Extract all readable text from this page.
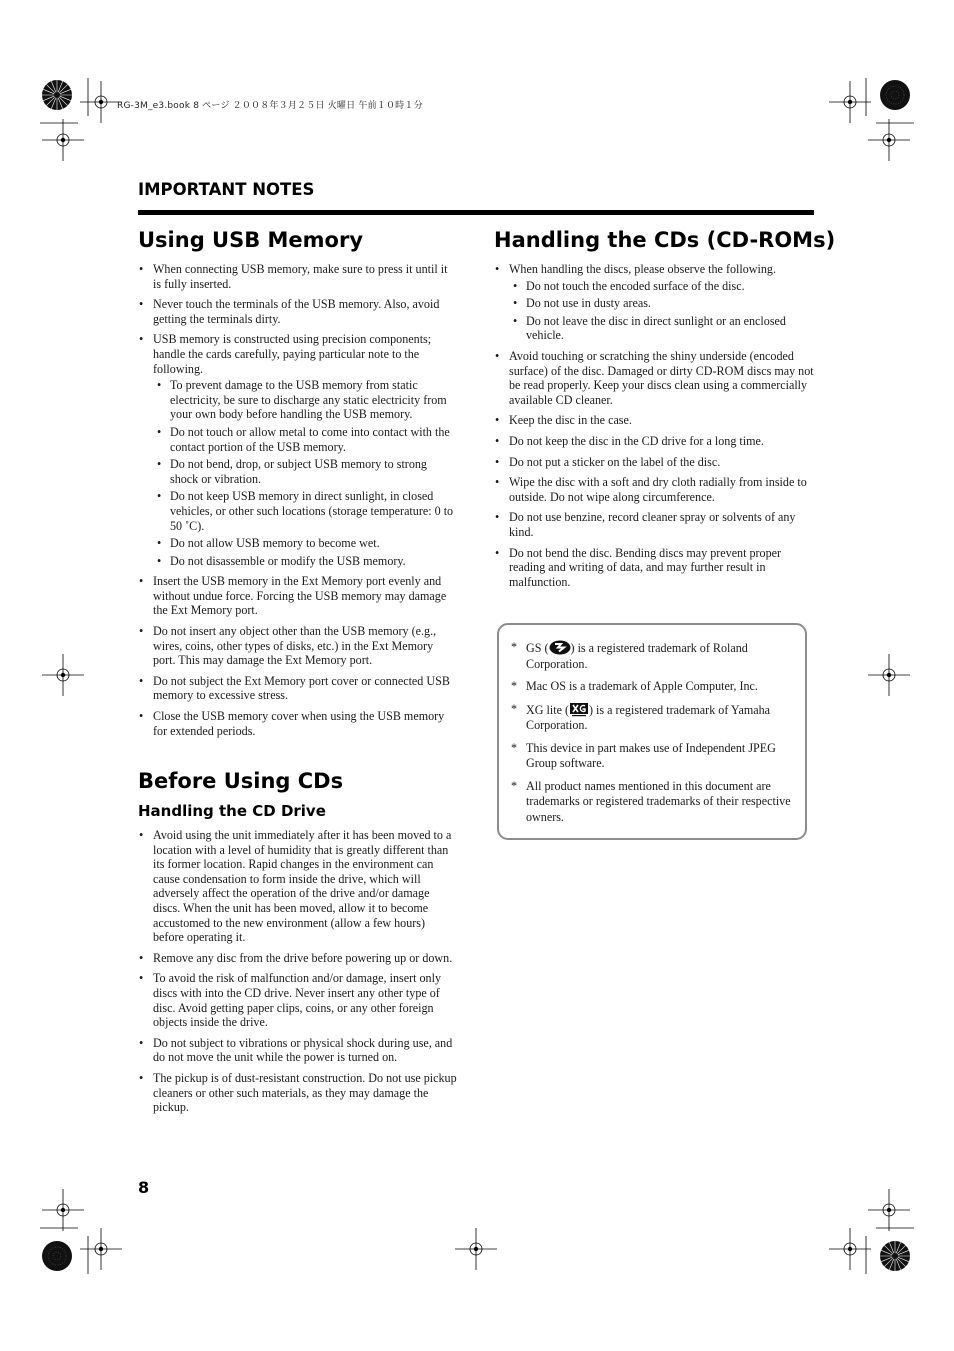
RG-3M_e3.book 8 ページ ２００８年３月２５日 火曜日 午前１０時１分
IMPORTANT NOTES
Using USB Memory
• When connecting USB memory, make sure to press it until it is fully inserted.
• Never touch the terminals of the USB memory. Also, avoid getting the terminals dirty.
• USB memory is constructed using precision components; handle the cards carefully, paying particular note to the following.
• To prevent damage to the USB memory from static electricity, be sure to discharge any static electricity from your own body before handling the USB memory.
• Do not touch or allow metal to come into contact with the contact portion of the USB memory.
• Do not bend, drop, or subject USB memory to strong shock or vibration.
• Do not keep USB memory in direct sunlight, in closed vehicles, or other such locations (storage temperature: 0 to 50 ˚C).
• Do not allow USB memory to become wet.
• Do not disassemble or modify the USB memory.
• Insert the USB memory in the Ext Memory port evenly and without undue force. Forcing the USB memory may damage the Ext Memory port.
• Do not insert any object other than the USB memory (e.g., wires, coins, other types of disks, etc.) in the Ext Memory port. This may damage the Ext Memory port.
• Do not subject the Ext Memory port cover or connected USB memory to excessive stress.
• Close the USB memory cover when using the USB memory for extended periods.
Before Using CDs
Handling the CD Drive
• Avoid using the unit immediately after it has been moved to a location with a level of humidity that is greatly different than its former location. Rapid changes in the environment can cause condensation to form inside the drive, which will adversely affect the operation of the drive and/or damage discs. When the unit has been moved, allow it to become accustomed to the new environment (allow a few hours) before operating it.
• Remove any disc from the drive before powering up or down.
• To avoid the risk of malfunction and/or damage, insert only discs with into the CD drive. Never insert any other type of disc. Avoid getting paper clips, coins, or any other foreign objects inside the drive.
• Do not subject to vibrations or physical shock during use, and do not move the unit while the power is turned on.
• The pickup is of dust-resistant construction. Do not use pickup cleaners or other such materials, as they may damage the pickup.
Handling the CDs (CD-ROMs)
• When handling the discs, please observe the following.
• Do not touch the encoded surface of the disc.
• Do not use in dusty areas.
• Do not leave the disc in direct sunlight or an enclosed vehicle.
• Avoid touching or scratching the shiny underside (encoded surface) of the disc. Damaged or dirty CD-ROM discs may not be read properly. Keep your discs clean using a commercially available CD cleaner.
• Keep the disc in the case.
• Do not keep the disc in the CD drive for a long time.
• Do not put a sticker on the label of the disc.
• Wipe the disc with a soft and dry cloth radially from inside to outside. Do not wipe along circumference.
• Do not use benzine, record cleaner spray or solvents of any kind.
• Do not bend the disc. Bending discs may prevent proper reading and writing of data, and may further result in malfunction.
* GS ( ) is a registered trademark of Roland Corporation.
* Mac OS is a trademark of Apple Computer, Inc.
* XG lite ( ) is a registered trademark of Yamaha Corporation.
* This device in part makes use of Independent JPEG Group software.
* All product names mentioned in this document are trademarks or registered trademarks of their respective owners.
8
